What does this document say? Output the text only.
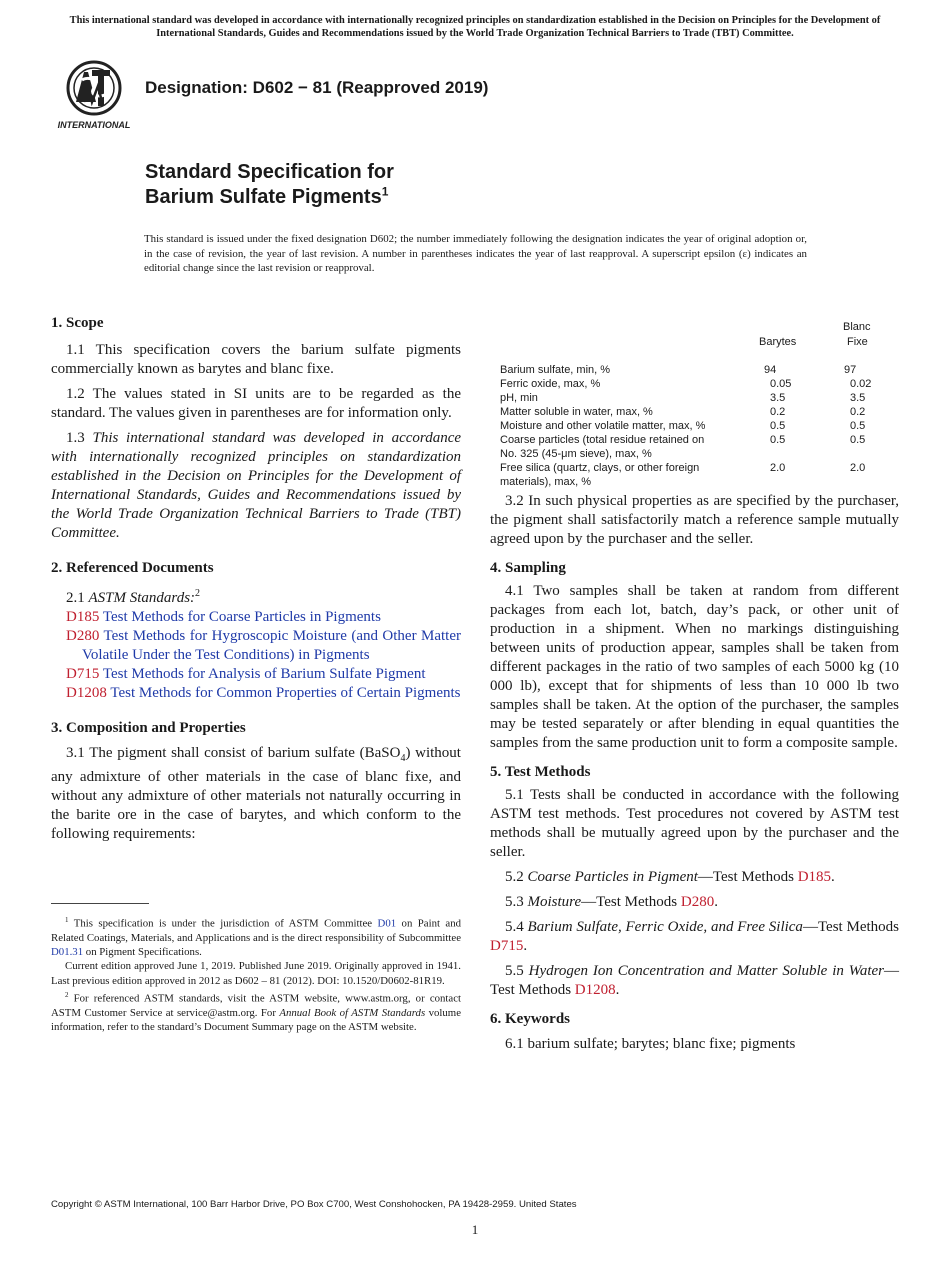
This international standard was developed in accordance with internationally recognized principles on standardization established in the Decision on Principles for the Development of International Standards, Guides and Recommendations issued by the World Trade Organization Technical Barriers to Trade (TBT) Committee.
INTERNATIONAL
Designation: D602 − 81 (Reapproved 2019)
Standard Specification for
Barium Sulfate Pigments$^1$
This standard is issued under the fixed designation D602; the number immediately following the designation indicates the year of original adoption or, in the case of revision, the year of last revision. A number in parentheses indicates the year of last reapproval. A superscript epsilon (ε) indicates an editorial change since the last revision or reapproval.

1. Scope

1.1 This specification covers the barium sulfate pigments commercially known as barytes and blanc fixe.

1.2 The values stated in SI units are to be regarded as the standard. The values given in parentheses are for information only.

1.3 This international standard was developed in accordance with internationally recognized principles on standardization established in the Decision on Principles for the Development of International Standards, Guides and Recommendations issued by the World Trade Organization Technical Barriers to Trade (TBT) Committee.

2. Referenced Documents

2.1 ASTM Standards:$^2$

D185 Test Methods for Coarse Particles in Pigments

D280 Test Methods for Hygroscopic Moisture (and Other Matter Volatile Under the Test Conditions) in Pigments

D715 Test Methods for Analysis of Barium Sulfate Pigment

D1208 Test Methods for Common Properties of Certain Pigments

3. Composition and Properties

3.1 The pigment shall consist of barium sulfate (BaSO$_4$) without any admixture of other materials in the case of blanc fixe, and without any admixture of other materials not naturally occurring in the barite ore in the case of barytes, and which conform to the following requirements:

$^1$ This specification is under the jurisdiction of ASTM Committee D01 on Paint and Related Coatings, Materials, and Applications and is the direct responsibility of Subcommittee D01.31 on Pigment Specifications.

Current edition approved June 1, 2019. Published June 2019. Originally approved in 1941. Last previous edition approved in 2012 as D602 – 81 (2012). DOI: 10.1520/D0602-81R19.

$^2$ For referenced ASTM standards, visit the ASTM website, www.astm.org, or contact ASTM Customer Service at service@astm.org. For Annual Book of ASTM Standards volume information, refer to the standard’s Document Summary page on the ASTM website.

Blanc
Barytes	Fixe
Barium sulfate, min, %	94	97
Ferric oxide, max, %	0.05	0.02
pH, min	3.5	3.5
Matter soluble in water, max, %	0.2	0.2
Moisture and other volatile matter, max, %	0.5	0.5
Coarse particles (total residue retained on
No. 325 (45-μm sieve), max, %
0.5	0.5
Free silica (quartz, clays, or other foreign
materials), max, %
2.0	2.0

3.2 In such physical properties as are specified by the purchaser, the pigment shall satisfactorily match a reference sample mutually agreed upon by the purchaser and the seller.

4. Sampling

4.1 Two samples shall be taken at random from different packages from each lot, batch, day’s pack, or other unit of production in a shipment. When no markings distinguishing between units of production appear, samples shall be taken from different packages in the ratio of two samples of each 5000 kg (10 000 lb), except that for shipments of less than 10 000 lb two samples shall be taken. At the option of the purchaser, the samples may be tested separately or after blending in equal quantities the samples from the same production unit to form a composite sample.

5. Test Methods

5.1 Tests shall be conducted in accordance with the following ASTM test methods. Test procedures not covered by ASTM test methods shall be mutually agreed upon by the purchaser and the seller.

5.2 Coarse Particles in Pigment—Test Methods D185.

5.3 Moisture—Test Methods D280.

5.4 Barium Sulfate, Ferric Oxide, and Free Silica—Test Methods D715.

5.5 Hydrogen Ion Concentration and Matter Soluble in Water—Test Methods D1208.

6. Keywords

6.1 barium sulfate; barytes; blanc fixe; pigments

Copyright © ASTM International, 100 Barr Harbor Drive, PO Box C700, West Conshohocken, PA 19428-2959. United States
1
